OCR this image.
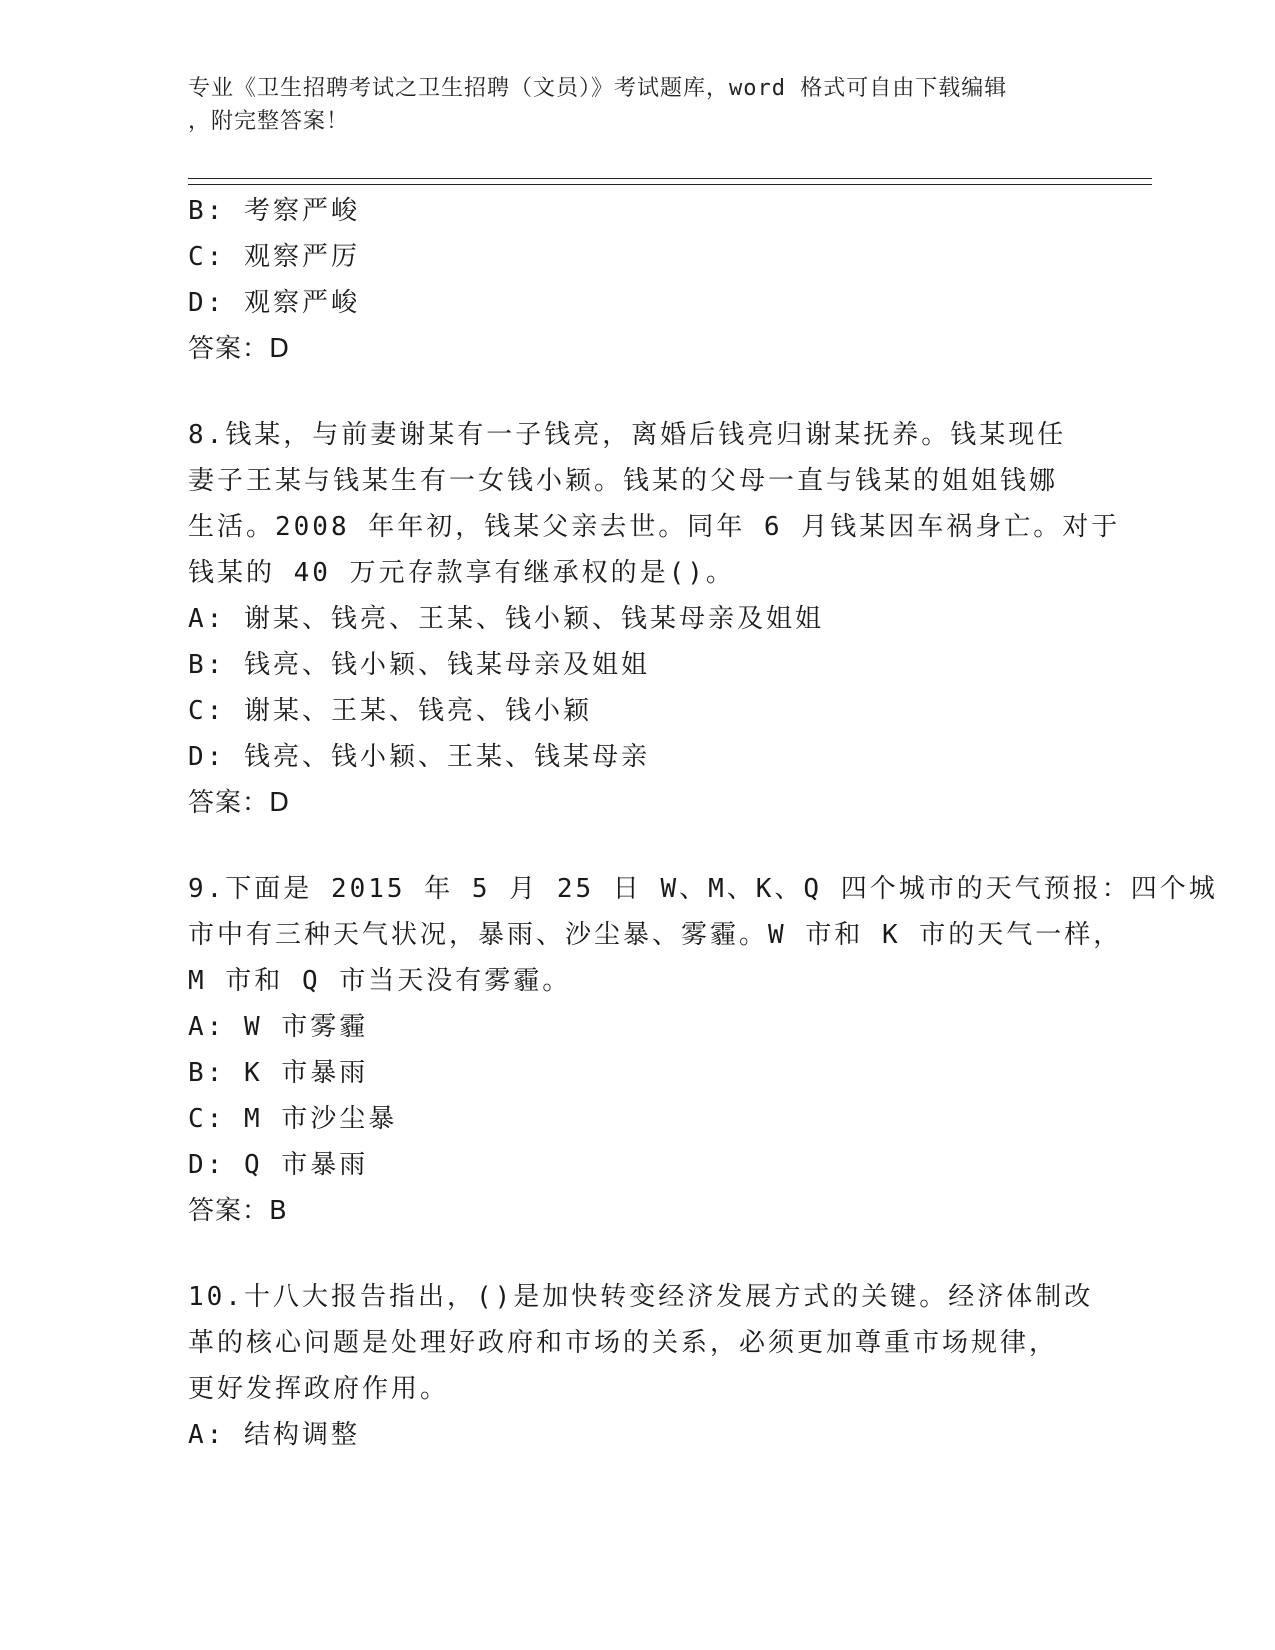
专业《卫生招聘考试之卫生招聘（文员）》考试题库，word 格式可自由下载编辑
，附完整答案！
B: 考察严峻
C: 观察严厉
D: 观察严峻
答案：D
8.钱某，与前妻谢某有一子钱亮，离婚后钱亮归谢某抚养。钱某现任
妻子王某与钱某生有一女钱小颖。钱某的父母一直与钱某的姐姐钱娜
生活。2008 年年初，钱某父亲去世。同年 6 月钱某因车祸身亡。对于
钱某的 40 万元存款享有继承权的是()。
A: 谢某、钱亮、王某、钱小颖、钱某母亲及姐姐
B: 钱亮、钱小颖、钱某母亲及姐姐
C: 谢某、王某、钱亮、钱小颖
D: 钱亮、钱小颖、王某、钱某母亲
答案：D
9.下面是 2015 年 5 月 25 日 W、M、K、Q 四个城市的天气预报：四个城
市中有三种天气状况，暴雨、沙尘暴、雾霾。W 市和 K 市的天气一样，
M 市和 Q 市当天没有雾霾。
A: W 市雾霾
B: K 市暴雨
C: M 市沙尘暴
D: Q 市暴雨
答案：B
10.十八大报告指出，()是加快转变经济发展方式的关键。经济体制改
革的核心问题是处理好政府和市场的关系，必须更加尊重市场规律，
更好发挥政府作用。
A: 结构调整
